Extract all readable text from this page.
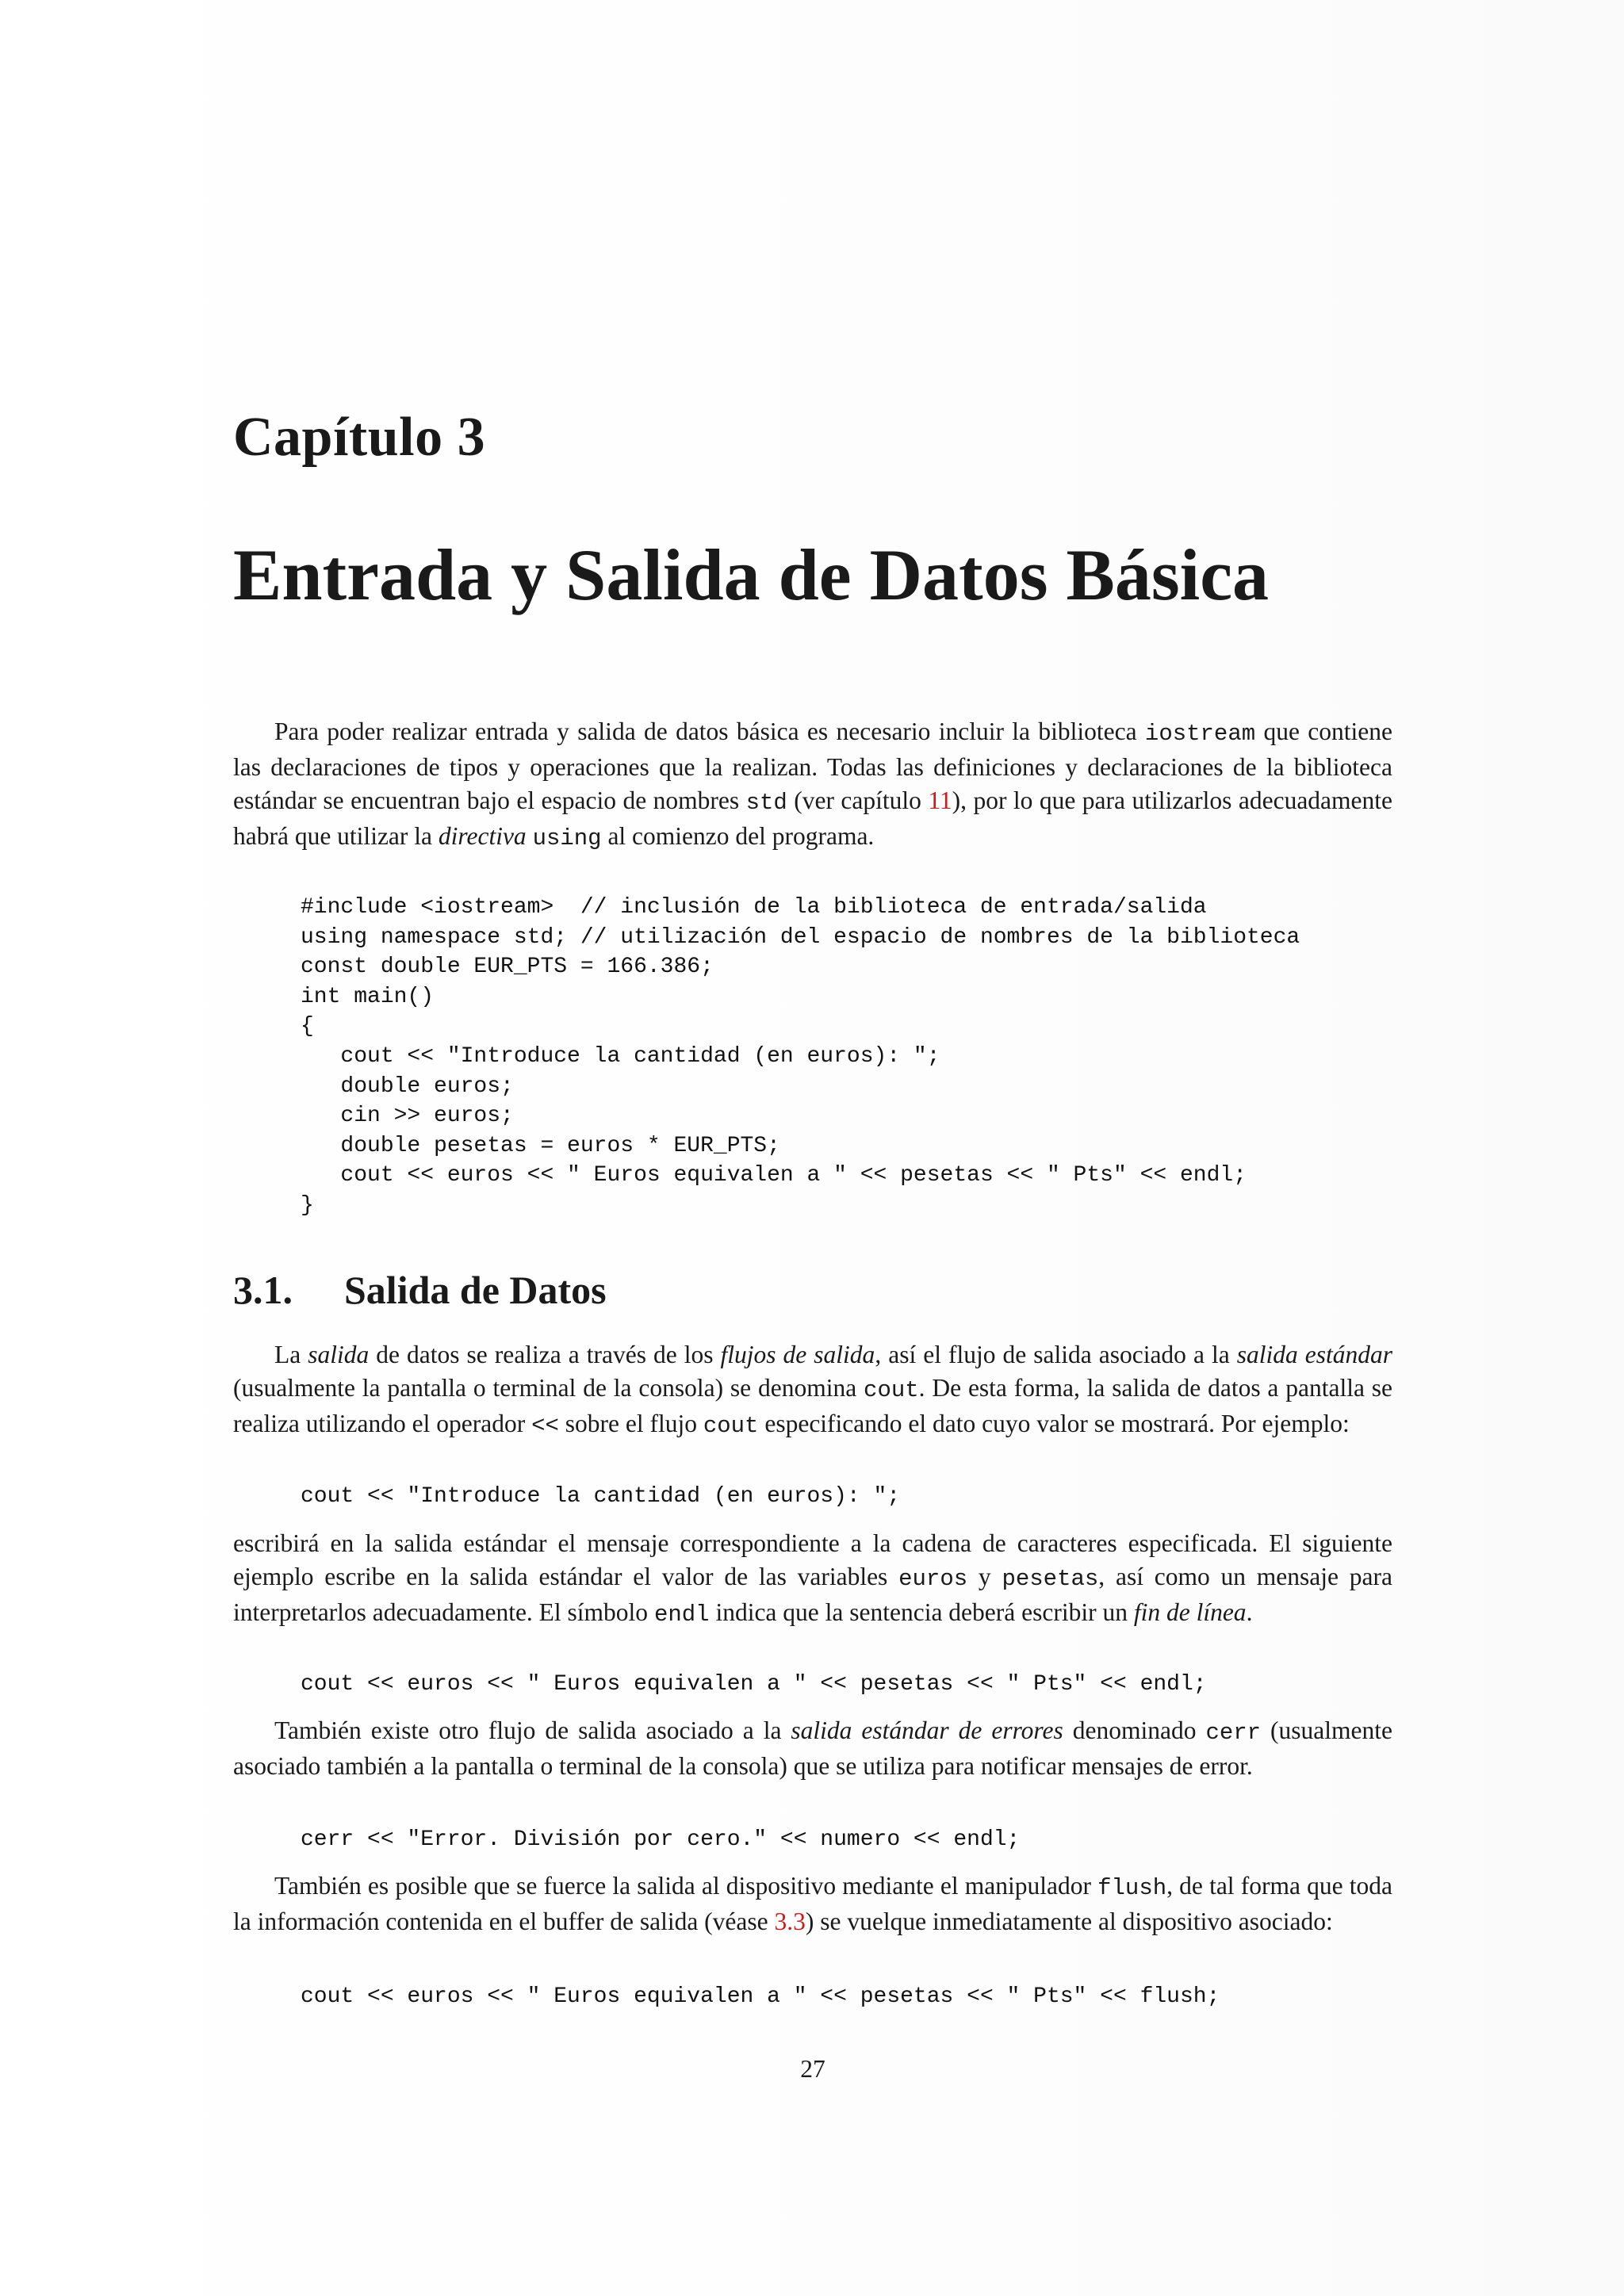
Capítulo 3
Entrada y Salida de Datos Básica

Para poder realizar entrada y salida de datos básica es necesario incluir la biblioteca iostream que contiene las declaraciones de tipos y operaciones que la realizan. Todas las definiciones y declaraciones de la biblioteca estándar se encuentran bajo el espacio de nombres std (ver capítulo 11), por lo que para utilizarlos adecuadamente habrá que utilizar la directiva using al comienzo del programa.

#include <iostream>  // inclusión de la biblioteca de entrada/salida
using namespace std; // utilización del espacio de nombres de la biblioteca
const double EUR_PTS = 166.386;
int main()
{
cout << "Introduce la cantidad (en euros): ";
double euros;
cin >> euros;
double pesetas = euros * EUR_PTS;
cout << euros << " Euros equivalen a " << pesetas << " Pts" << endl;
}
3.1. Salida de Datos

La salida de datos se realiza a través de los flujos de salida, así el flujo de salida asociado a la salida estándar (usualmente la pantalla o terminal de la consola) se denomina cout. De esta forma, la salida de datos a pantalla se realiza utilizando el operador << sobre el flujo cout especificando el dato cuyo valor se mostrará. Por ejemplo:

cout << "Introduce la cantidad (en euros): ";

escribirá en la salida estándar el mensaje correspondiente a la cadena de caracteres especificada. El siguiente ejemplo escribe en la salida estándar el valor de las variables euros y pesetas, así como un mensaje para interpretarlos adecuadamente. El símbolo endl indica que la sentencia deberá escribir un fin de línea.

cout << euros << " Euros equivalen a " << pesetas << " Pts" << endl;

También existe otro flujo de salida asociado a la salida estándar de errores denominado cerr (usualmente asociado también a la pantalla o terminal de la consola) que se utiliza para notificar mensajes de error.

cerr << "Error. División por cero." << numero << endl;

También es posible que se fuerce la salida al dispositivo mediante el manipulador flush, de tal forma que toda la información contenida en el buffer de salida (véase 3.3) se vuelque inmediatamente al dispositivo asociado:

cout << euros << " Euros equivalen a " << pesetas << " Pts" << flush;
27
